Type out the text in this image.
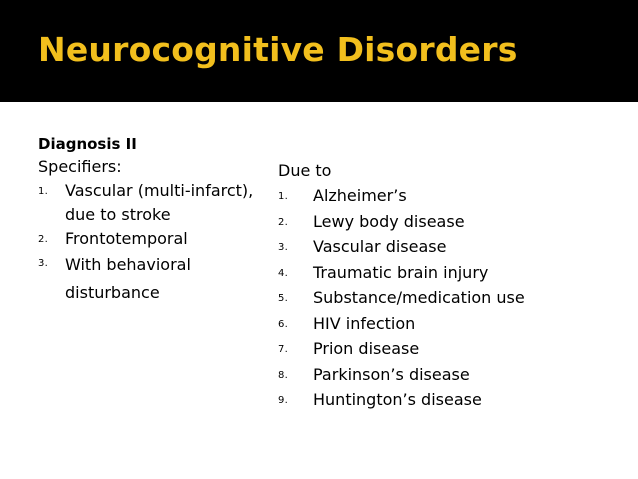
Neurocognitive Disorders
Diagnosis II
Specifiers:
1. Vascular (multi-infarct), due to stroke
2. Frontotemporal
3. With behavioral disturbance
Due to
1. Alzheimer’s
2. Lewy body disease
3. Vascular disease
4. Traumatic brain injury
5. Substance/medication use
6. HIV infection
7. Prion disease
8. Parkinson’s disease
9. Huntington’s disease
